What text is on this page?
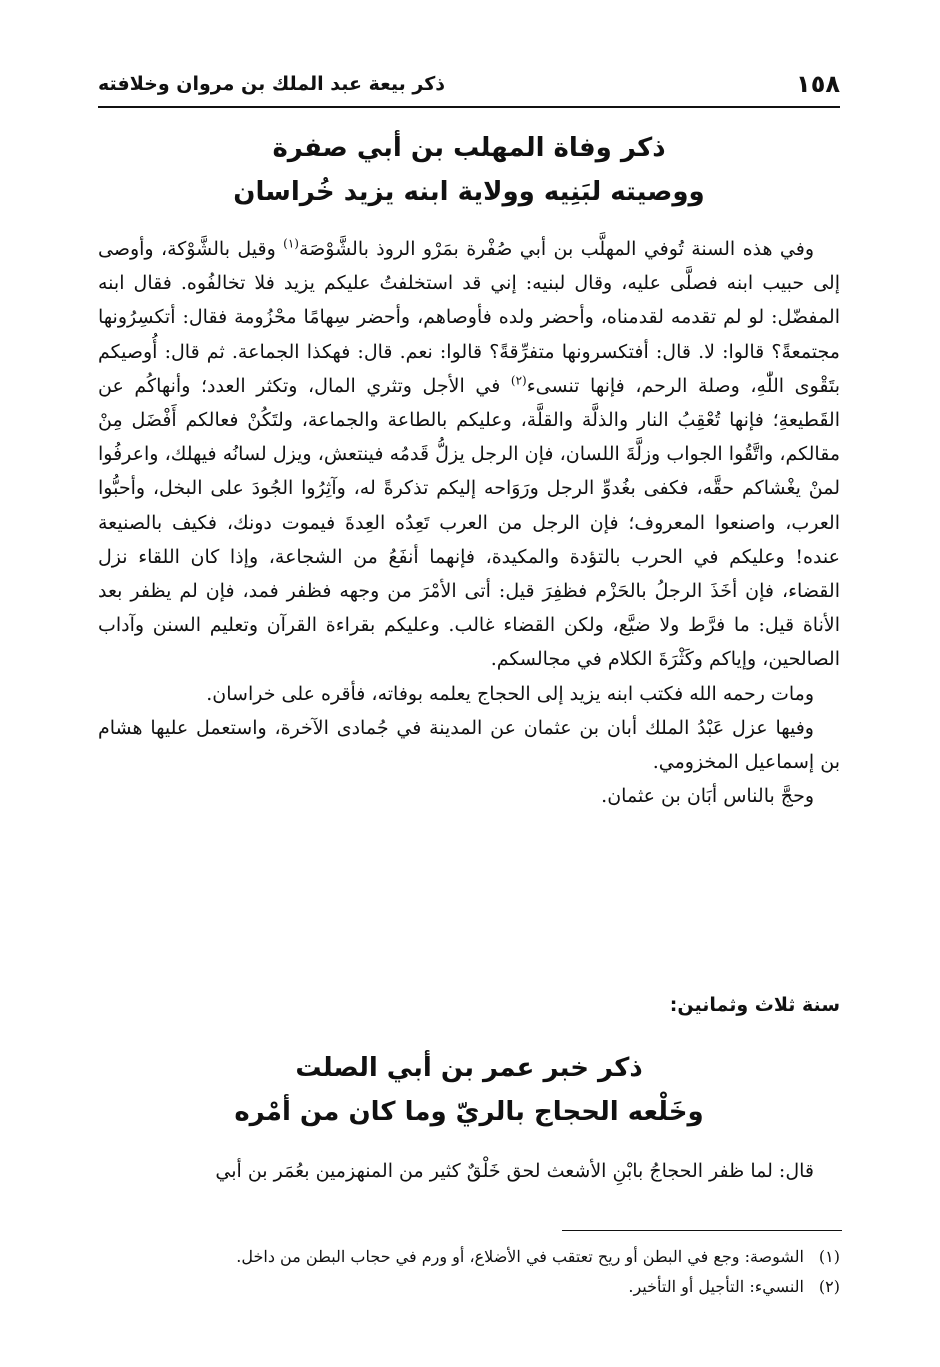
١٥٨
ذكر بيعة عبد الملك بن مروان وخلافته
ذكر وفاة المهلب بن أبي صفرة
ووصيته لبَنِيه وولاية ابنه يزيد خُراسان

وفي هذه السنة تُوفي المهلَّب بن أبي صُفْرة بمَرْو الروذ بالشَّوْصَة$^{(١)}$ وقيل بالشَّوْكة، وأوصى إلى حبيب ابنه فصلَّى عليه، وقال لبنيه: إني قد استخلفتُ عليكم يزيد فلا تخالفُوه. فقال ابنه المفضّل: لو لم تقدمه لقدمناه، وأحضر ولده فأوصاهم، وأحضر سِهامًا محْزُومة فقال: أتكسِرُونها مجتمعةً؟ قالوا: لا. قال: أفتكسرونها متفرِّقةً؟ قالوا: نعم. قال: فهكذا الجماعة. ثم قال: أُوصيكم بتَقْوى اللّٰهِ، وصلة الرحم، فإنها تنسىء$^{(٢)}$ في الأجل وتثري المال، وتكثر العدد؛ وأنهاكُم عن القَطيعةِ؛ فإنها تُعْقِبُ النار والذلَّة والقلَّة، وعليكم بالطاعة والجماعة، ولتَكُنْ فعالكم أَفْضَل مِنْ مقالكم، واتَّقُوا الجواب وزلَّةَ اللسان، فإن الرجل يزلُّ قَدمُه فينتعش، ويزل لسانُه فيهلك، واعرفُوا لمنْ يغْشاكم حقَّه، فكفى بغُدوِّ الرجل ورَوَاحه إليكم تذكرةً له، وآثِرُوا الجُودَ على البخل، وأحبُّوا العرب، واصنعوا المعروف؛ فإن الرجل من العرب تَعِدُه العِدةَ فيموت دونك، فكيف بالصنيعة عنده! وعليكم في الحرب بالتؤدة والمكيدة، فإنهما أنفَعُ من الشجاعة، وإذا كان اللقاء نزل القضاء، فإن أخَذَ الرجلُ بالحَزْم فظفِرَ قيل: أتى الأمْرَ من وجهه فظفر فمد، فإن لم يظفر بعد الأناة قيل: ما فرَّط ولا ضيَّع، ولكن القضاء غالب. وعليكم بقراءة القرآن وتعليم السنن وآداب الصالحين، وإياكم وكَثْرَةَ الكلام في مجالسكم.

ومات رحمه الله فكتب ابنه يزيد إلى الحجاج يعلمه بوفاته، فأقره على خراسان.

وفيها عزل عَبْدُ الملك أبان بن عثمان عن المدينة في جُمادى الآخرة، واستعمل عليها هشام بن إسماعيل المخزومي.

وحجَّ بالناس أبَان بن عثمان.

سنة ثلاث وثمانين:
ذكر خبر عمر بن أبي الصلت
وخَلْعه الحجاج بالريّ وما كان من أمْره

قال: لما ظفر الحجاجُ بابْنِ الأشعث لحق خَلْقٌ كثير من المنهزمين بعُمَر بن أبي

(١)
الشوصة: وجع في البطن أو ريح تعتقب في الأضلاع، أو ورم في حجاب البطن من داخل.
(٢)
النسيء: التأجيل أو التأخير.
